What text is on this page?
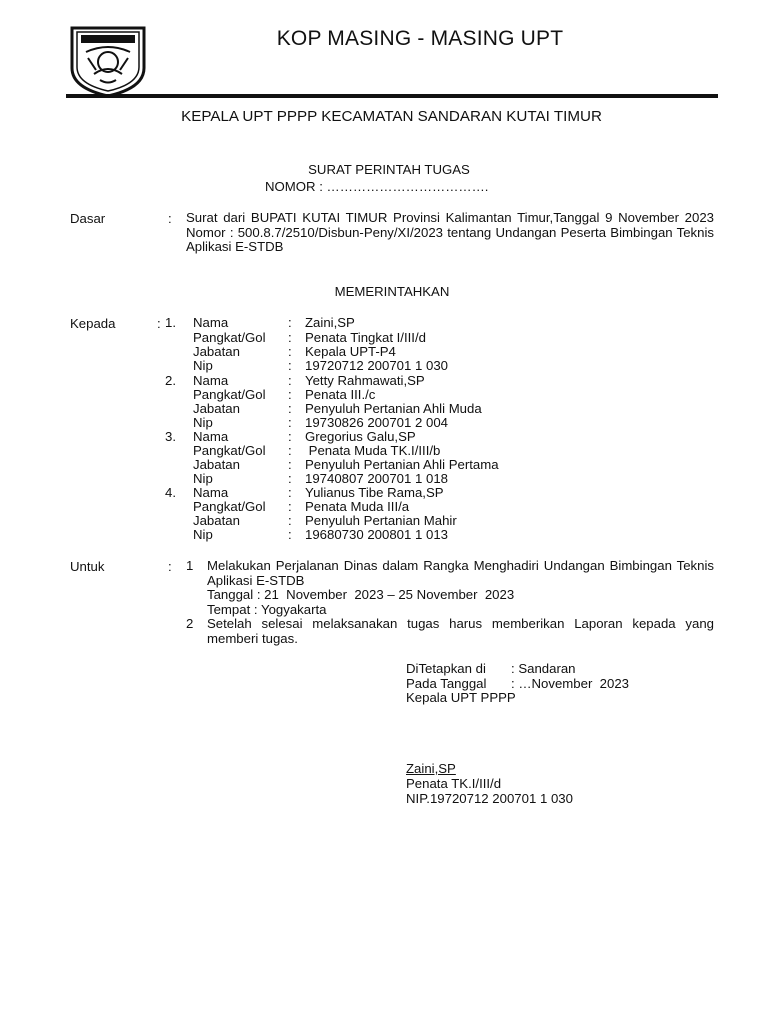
KOP MASING - MASING UPT
KEPALA UPT PPPP KECAMATAN SANDARAN KUTAI TIMUR
SURAT PERINTAH TUGAS
NOMOR : ……………………………….
Dasar	: Surat dari BUPATI KUTAI TIMUR Provinsi Kalimantan Timur,Tanggal 9 November 2023 Nomor : 500.8.7/2510/Disbun-Peny/XI/2023 tentang Undangan Peserta Bimbingan Teknis Aplikasi E-STDB
MEMERINTAHKAN
Kepada	: 1. Nama	: Zaini,SP
Pangkat/Gol : Penata Tingkat I/III/d
Jabatan	: Kepala UPT-P4
Nip	: 19720712 200701 1 030
2. Nama	: Yetty Rahmawati,SP
Pangkat/Gol : Penata III./c
Jabatan	: Penyuluh Pertanian Ahli Muda
Nip	: 19730826 200701 2 004
3. Nama	: Gregorius Galu,SP
Pangkat/Gol : Penata Muda TK.I/III/b
Jabatan	: Penyuluh Pertanian Ahli Pertama
Nip	: 19740807 200701 1 018
4. Nama	: Yulianus Tibe Rama,SP
Pangkat/Gol : Penata Muda III/a
Jabatan	: Penyuluh Pertanian Mahir
Nip	: 19680730 200801 1 013
Untuk	: 1	Melakukan Perjalanan Dinas dalam Rangka Menghadiri Undangan Bimbingan Teknis Aplikasi E-STDB
Tanggal : 21  November  2023 – 25 November  2023
Tempat : Yogyakarta
2	Setelah selesai melaksanakan tugas harus memberikan Laporan kepada yang memberi tugas.
DiTetapkan di : Sandaran
Pada Tanggal : …November  2023
Kepala UPT PPPP
Zaini,SP
Penata TK.I/III/d
NIP.19720712 200701 1 030
